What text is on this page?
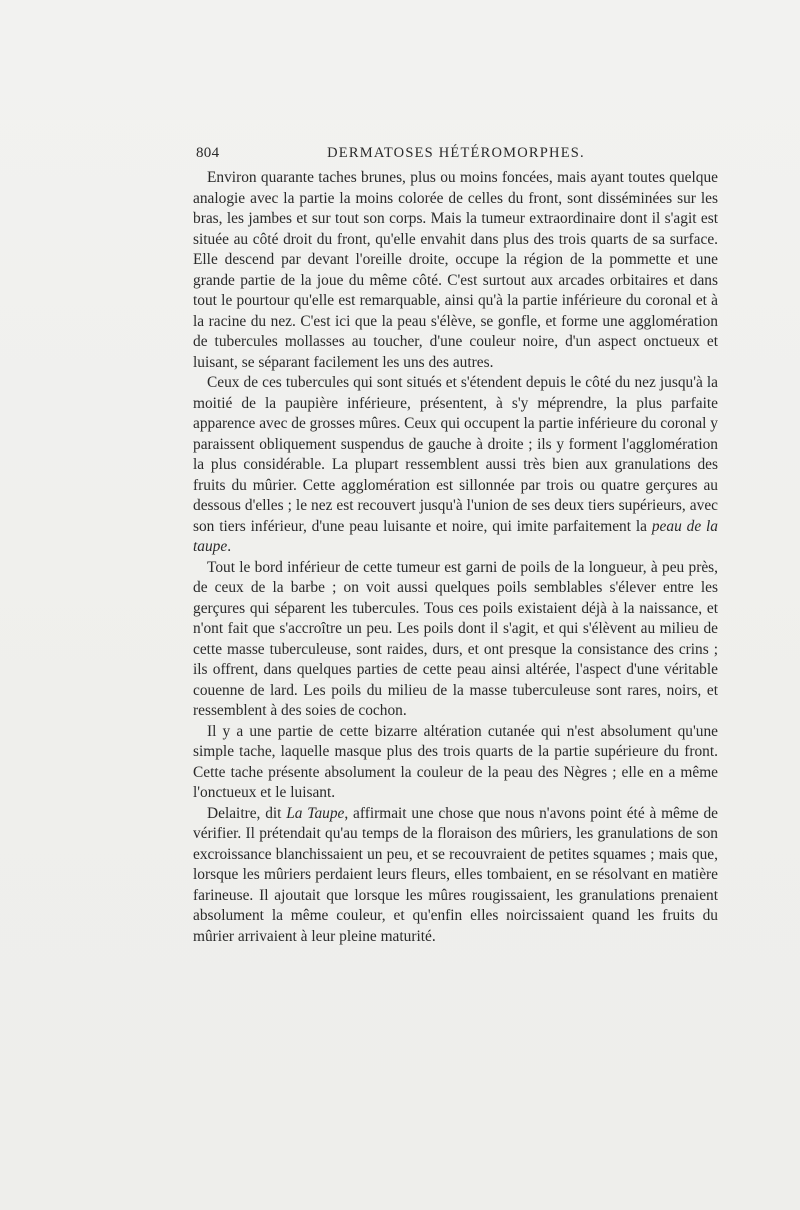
804	DERMATOSES HÉTÉROMORPHES.

Environ quarante taches brunes, plus ou moins foncées, mais ayant toutes quelque analogie avec la partie la moins colorée de celles du front, sont disséminées sur les bras, les jambes et sur tout son corps. Mais la tumeur extraordinaire dont il s'agit est située au côté droit du front, qu'elle envahit dans plus des trois quarts de sa surface. Elle descend par devant l'oreille droite, occupe la région de la pommette et une grande partie de la joue du même côté. C'est surtout aux arcades orbitaires et dans tout le pourtour qu'elle est remarquable, ainsi qu'à la partie inférieure du coronal et à la racine du nez. C'est ici que la peau s'élève, se gonfle, et forme une agglomération de tubercules mollasses au toucher, d'une couleur noire, d'un aspect onctueux et luisant, se séparant facilement les uns des autres.

Ceux de ces tubercules qui sont situés et s'étendent depuis le côté du nez jusqu'à la moitié de la paupière inférieure, présentent, à s'y méprendre, la plus parfaite apparence avec de grosses mûres. Ceux qui occupent la partie inférieure du coronal y paraissent obliquement suspendus de gauche à droite ; ils y forment l'agglomération la plus considérable. La plupart ressemblent aussi très bien aux granulations des fruits du mûrier. Cette agglomération est sillonnée par trois ou quatre gerçures au dessous d'elles ; le nez est recouvert jusqu'à l'union de ses deux tiers supérieurs, avec son tiers inférieur, d'une peau luisante et noire, qui imite parfaitement la peau de la taupe.

Tout le bord inférieur de cette tumeur est garni de poils de la longueur, à peu près, de ceux de la barbe ; on voit aussi quelques poils semblables s'élever entre les gerçures qui séparent les tubercules. Tous ces poils existaient déjà à la naissance, et n'ont fait que s'accroître un peu. Les poils dont il s'agit, et qui s'élèvent au milieu de cette masse tuberculeuse, sont raides, durs, et ont presque la consistance des crins ; ils offrent, dans quelques parties de cette peau ainsi altérée, l'aspect d'une véritable couenne de lard. Les poils du milieu de la masse tuberculeuse sont rares, noirs, et ressemblent à des soies de cochon.

Il y a une partie de cette bizarre altération cutanée qui n'est absolument qu'une simple tache, laquelle masque plus des trois quarts de la partie supérieure du front. Cette tache présente absolument la couleur de la peau des Nègres ; elle en a même l'onctueux et le luisant.

Delaitre, dit La Taupe, affirmait une chose que nous n'avons point été à même de vérifier. Il prétendait qu'au temps de la floraison des mûriers, les granulations de son excroissance blanchissaient un peu, et se recouvraient de petites squames ; mais que, lorsque les mûriers perdaient leurs fleurs, elles tombaient, en se résolvant en matière farineuse. Il ajoutait que lorsque les mûres rougissaient, les granulations prenaient absolument la même couleur, et qu'enfin elles noircissaient quand les fruits du mûrier arrivaient à leur pleine maturité.
